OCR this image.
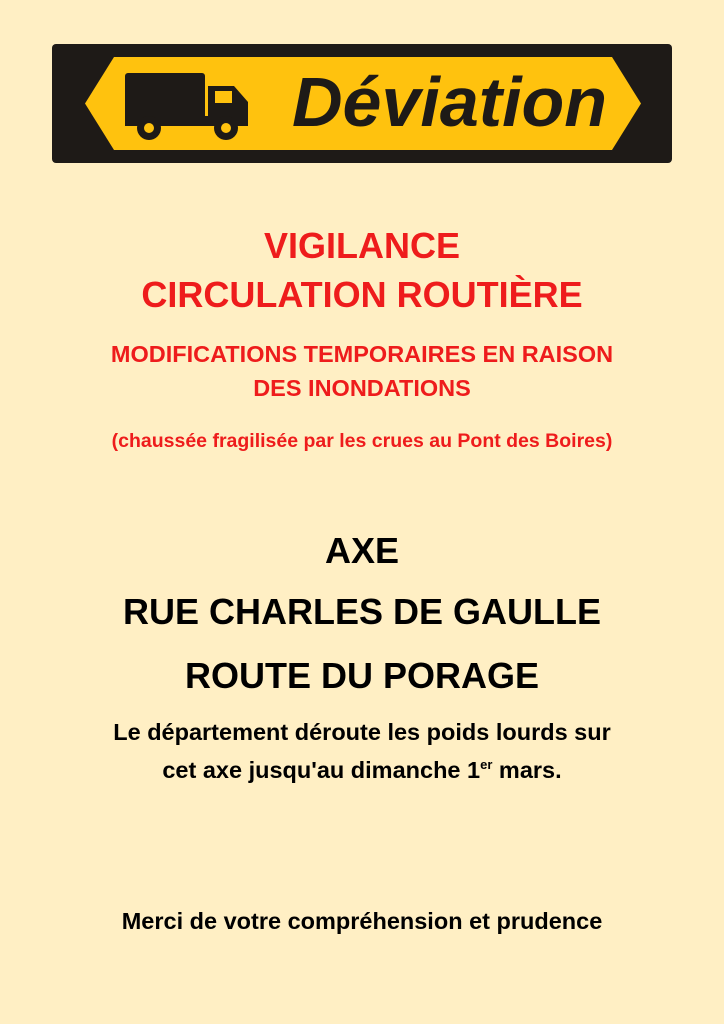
Déviation
VIGILANCE
CIRCULATION ROUTIÈRE
MODIFICATIONS TEMPORAIRES EN RAISON
DES INONDATIONS
(chaussée fragilisée par les crues au Pont des Boires)
AXE
RUE CHARLES DE GAULLE
ROUTE DU PORAGE
Le département déroute les poids lourds sur
cet axe jusqu'au dimanche 1er mars.
Merci de votre compréhension et prudence
